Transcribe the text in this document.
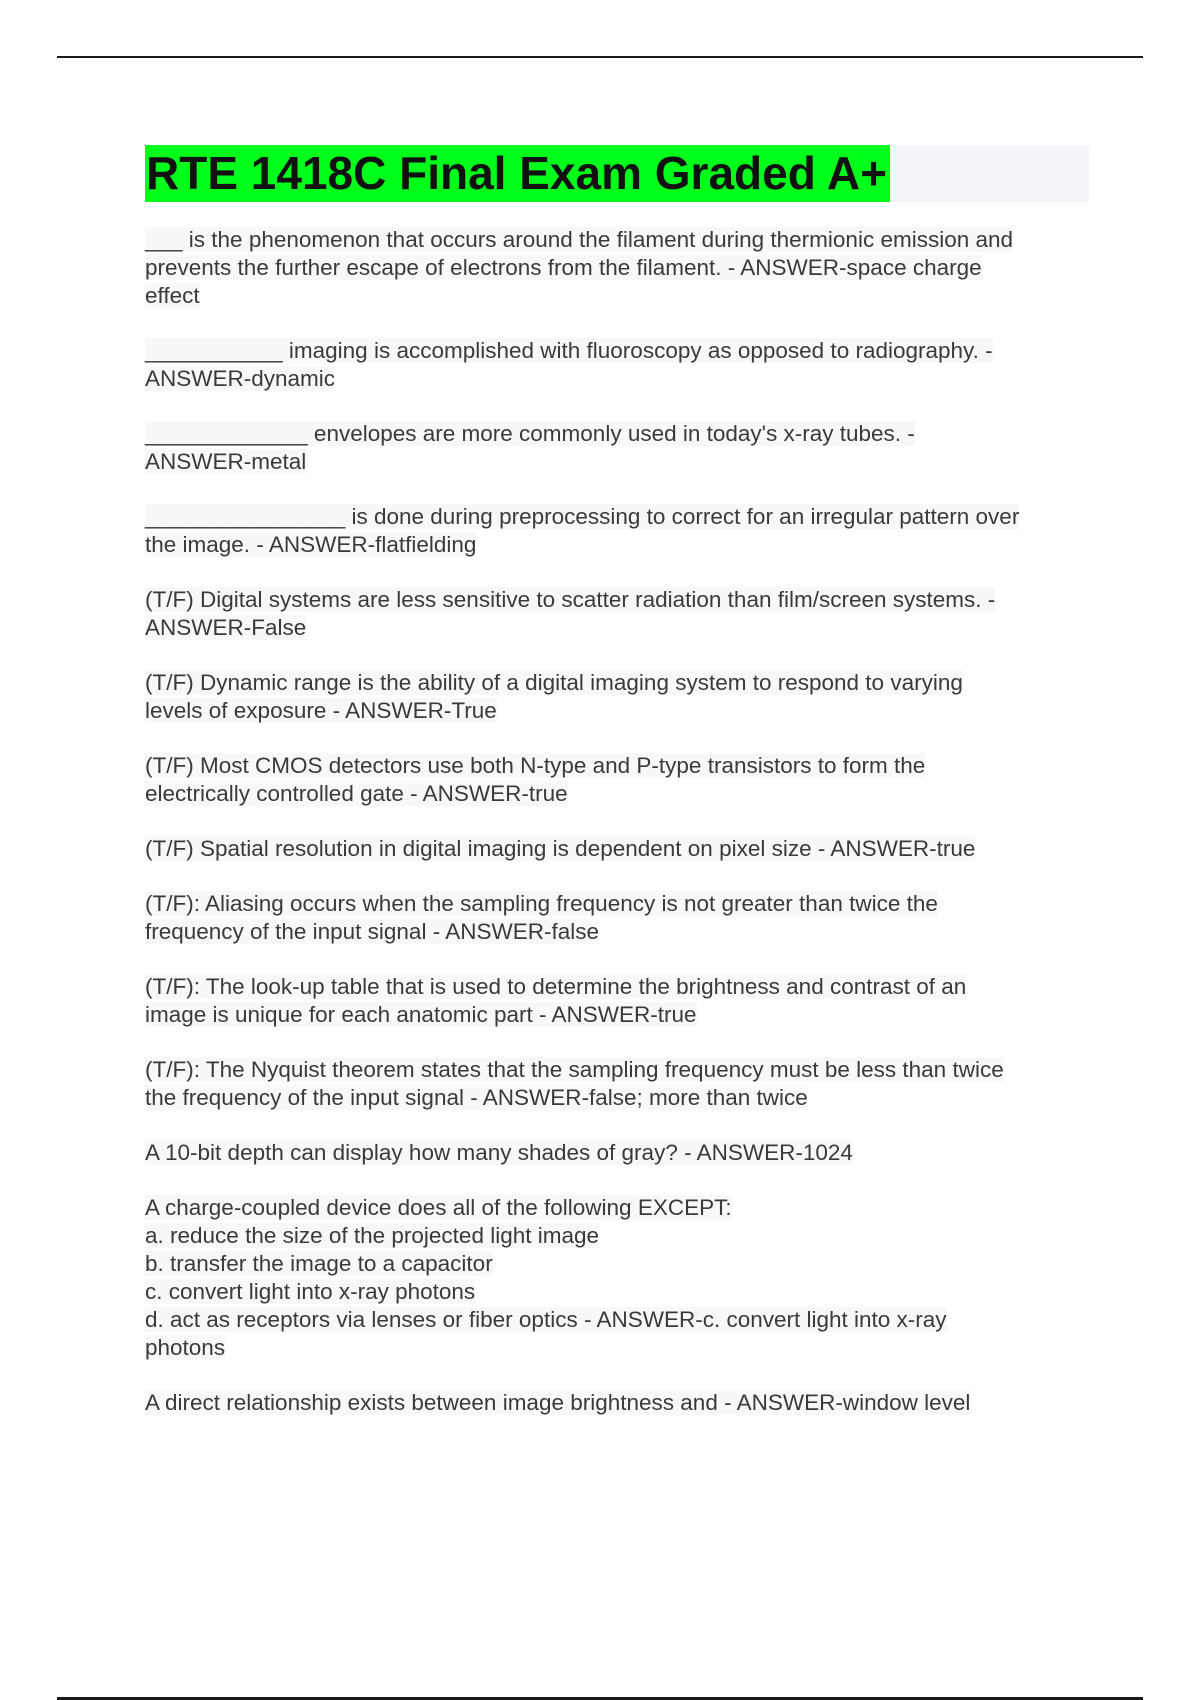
RTE 1418C Final Exam Graded A+
___ is the phenomenon that occurs around the filament during thermionic emission and
prevents the further escape of electrons from the filament. - ANSWER-space charge
effect
___________ imaging is accomplished with fluoroscopy as opposed to radiography. -
ANSWER-dynamic
_____________ envelopes are more commonly used in today's x-ray tubes. -
ANSWER-metal
________________ is done during preprocessing to correct for an irregular pattern over
the image. - ANSWER-flatfielding
(T/F) Digital systems are less sensitive to scatter radiation than film/screen systems. -
ANSWER-False
(T/F) Dynamic range is the ability of a digital imaging system to respond to varying
levels of exposure - ANSWER-True
(T/F) Most CMOS detectors use both N-type and P-type transistors to form the
electrically controlled gate - ANSWER-true
(T/F) Spatial resolution in digital imaging is dependent on pixel size - ANSWER-true
(T/F): Aliasing occurs when the sampling frequency is not greater than twice the
frequency of the input signal - ANSWER-false
(T/F): The look-up table that is used to determine the brightness and contrast of an
image is unique for each anatomic part - ANSWER-true
(T/F): The Nyquist theorem states that the sampling frequency must be less than twice
the frequency of the input signal - ANSWER-false; more than twice
A 10-bit depth can display how many shades of gray? - ANSWER-1024
A charge-coupled device does all of the following EXCEPT:
a. reduce the size of the projected light image
b. transfer the image to a capacitor
c. convert light into x-ray photons
d. act as receptors via lenses or fiber optics - ANSWER-c. convert light into x-ray
photons
A direct relationship exists between image brightness and - ANSWER-window level
